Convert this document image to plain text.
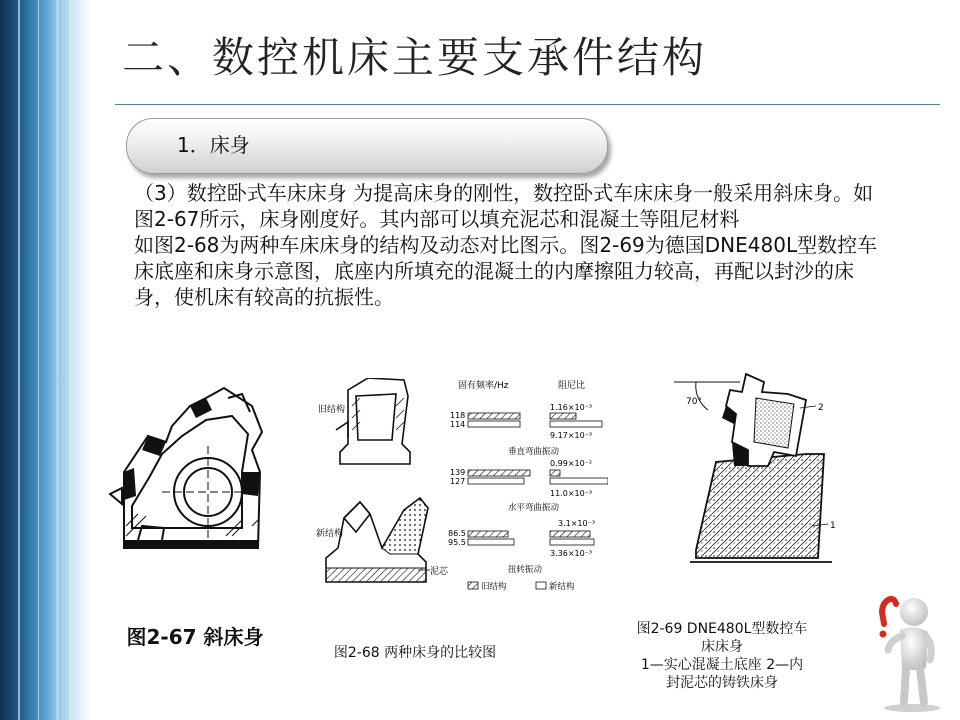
二、数控机床主要支承件结构
1．床身

（3）数控卧式车床床身 为提高床身的刚性，数控卧式车床床身一般采用斜床身。如图2-67所示，床身刚度好。其内部可以填充泥芯和混凝土等阻尼材料

如图2-68为两种车床床身的结构及动态对比图示。图2-69为德国DNE480L型数控车床底座和床身示意图，底座内所填充的混凝土的内摩擦阻力较高，再配以封沙的床身，使机床有较高的抗振性。

图2-67 斜床身
旧结构
新结构
泥芯
固有频率/Hz	阻尼比
118
114
1.16×10⁻³
9.17×10⁻³
垂直弯曲振动
139
127
0.99×10⁻²
11.0×10⁻³
水平弯曲振动
86.5
95.5
3.1×10⁻³
3.36×10⁻³
扭转振动
旧结构	新结构
图2-68 两种床身的比较图
70°
2
1
图2-69 DNE480L型数控车
床床身
1—实心混凝土底座 2—内
封泥芯的铸铁床身
